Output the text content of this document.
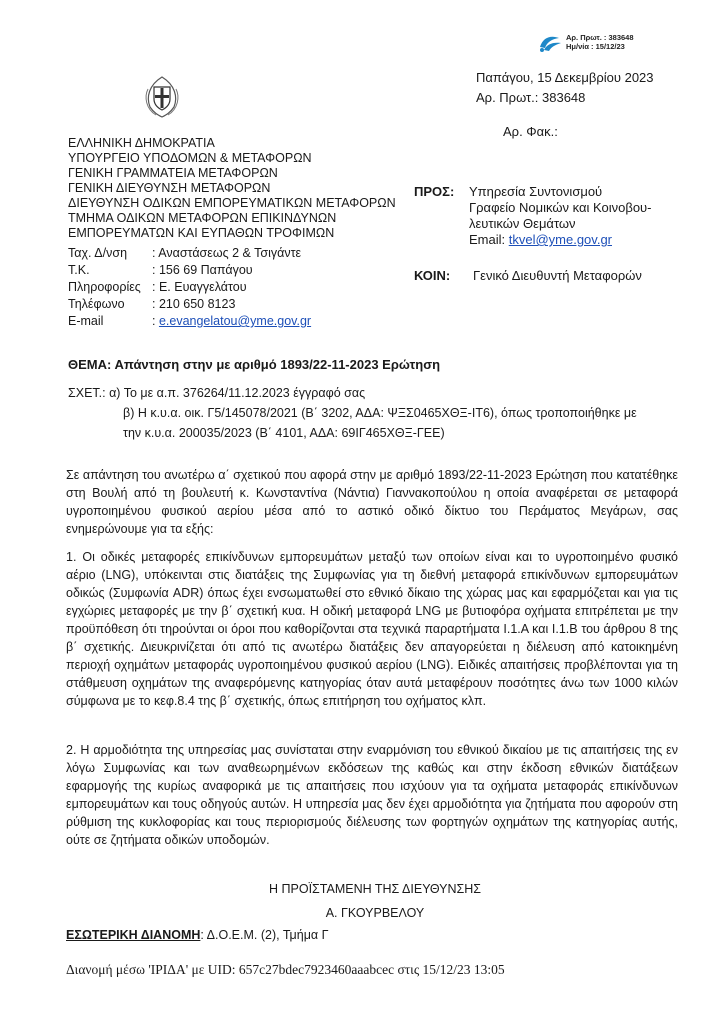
Αρ. Πρωτ. : 383648
Ημ/νία : 15/12/23
Παπάγου, 15 Δεκεμβρίου 2023
Αρ. Πρωτ.: 383648
Αρ. Φακ.:
ΕΛΛΗΝΙΚΗ ΔΗΜΟΚΡΑΤΙΑ
ΥΠΟΥΡΓΕΙΟ ΥΠΟΔΟΜΩΝ & ΜΕΤΑΦΟΡΩΝ
ΓΕΝΙΚΗ ΓΡΑΜΜΑΤΕΙΑ ΜΕΤΑΦΟΡΩΝ
ΓΕΝΙΚΗ ΔΙΕΥΘΥΝΣΗ ΜΕΤΑΦΟΡΩΝ
ΔΙΕΥΘΥΝΣΗ ΟΔΙΚΩΝ ΕΜΠΟΡΕΥΜΑΤΙΚΩΝ ΜΕΤΑΦΟΡΩΝ
ΤΜΗΜΑ ΟΔΙΚΩΝ ΜΕΤΑΦΟΡΩΝ ΕΠΙΚΙΝΔΥΝΩΝ
ΕΜΠΟΡΕΥΜΑΤΩΝ ΚΑΙ ΕΥΠΑΘΩΝ ΤΡΟΦΙΜΩΝ
Ταχ. Δ/νση : Αναστάσεως 2 & Τσιγάντε
Τ.Κ.	: 156 69 Παπάγου
Πληροφορίες : Ε. Ευαγγελάτου
Τηλέφωνο : 210 650 8123
E-mail	: e.evangelatou@yme.gov.gr
ΠΡΟΣ: Υπηρεσία Συντονισμού
Γραφείο Νομικών και Κοινοβου-
λευτικών Θεμάτων
Email: tkvel@yme.gov.gr
ΚΟΙΝ: Γενικό Διευθυντή Μεταφορών
ΘΕΜΑ: Απάντηση στην με αριθμό 1893/22-11-2023 Ερώτηση
ΣΧΕΤ.: α) Το με α.π. 376264/11.12.2023 έγγραφό σας
β) Η κ.υ.α. οικ. Γ5/145078/2021 (Β΄ 3202, ΑΔΑ: ΨΞΣ0465ΧΘΞ-ΙΤ6), όπως τροποποιήθηκε με
την κ.υ.α. 200035/2023 (Β΄ 4101, ΑΔΑ: 69ΙΓ465ΧΘΞ-ΓΕΕ)
Σε απάντηση του ανωτέρω α΄ σχετικού που αφορά στην με αριθμό 1893/22-11-2023 Ερώτηση που κατατέθηκε στη Βουλή από τη βουλευτή κ. Κωνσταντίνα (Νάντια) Γιαννακοπούλου η οποία αναφέρεται σε μεταφορά υγροποιημένου φυσικού αερίου μέσα από το αστικό οδικό δίκτυο του Περάματος Μεγάρων, σας ενημερώνουμε για τα εξής:
1. Οι οδικές μεταφορές επικίνδυνων εμπορευμάτων μεταξύ των οποίων είναι και το υγροποιημένο φυσικό αέριο (LNG), υπόκεινται στις διατάξεις της Συμφωνίας για τη διεθνή μεταφορά επικίνδυνων εμπορευμάτων οδικώς (Συμφωνία ADR) όπως έχει ενσωματωθεί στο εθνικό δίκαιο της χώρας μας και εφαρμόζεται και για τις εγχώριες μεταφορές με την β΄ σχετική κυα. Η οδική μεταφορά LNG με βυτιοφόρα οχήματα επιτρέπεται με την προϋπόθεση ότι τηρούνται οι όροι που καθορίζονται στα τεχνικά παραρτήματα Ι.1.Α και Ι.1.Β του άρθρου 8 της β΄ σχετικής. Διευκρινίζεται ότι από τις ανωτέρω διατάξεις δεν απαγορεύεται η διέλευση από κατοικημένη περιοχή οχημάτων μεταφοράς υγροποιημένου φυσικού αερίου (LNG). Ειδικές απαιτήσεις προβλέπονται για τη στάθμευση οχημάτων της αναφερόμενης κατηγορίας όταν αυτά μεταφέρουν ποσότητες άνω των 1000 κιλών σύμφωνα με το κεφ.8.4 της β΄ σχετικής, όπως επιτήρηση του οχήματος κλπ.
2. Η αρμοδιότητα της υπηρεσίας μας συνίσταται στην εναρμόνιση του εθνικού δικαίου με τις απαιτήσεις της εν λόγω Συμφωνίας και των αναθεωρημένων εκδόσεων της καθώς και στην έκδοση εθνικών διατάξεων εφαρμογής της κυρίως αναφορικά με τις απαιτήσεις που ισχύουν για τα οχήματα μεταφοράς επικίνδυνων εμπορευμάτων και τους οδηγούς αυτών. Η υπηρεσία μας δεν έχει αρμοδιότητα για ζητήματα που αφορούν στη ρύθμιση της κυκλοφορίας και τους περιορισμούς διέλευσης των φορτηγών οχημάτων της κατηγορίας αυτής, ούτε σε ζητήματα οδικών υποδομών.
Η ΠΡΟΪΣΤΑΜΕΝΗ ΤΗΣ ΔΙΕΥΘΥΝΣΗΣ
Α. ΓΚΟΥΡΒΕΛΟΥ
ΕΣΩΤΕΡΙΚΗ ΔΙΑΝΟΜΗ: Δ.Ο.Ε.Μ. (2), Τμήμα Γ
Διανομή μέσω 'ΙΡΙΔΑ' με UID: 657c27bdec7923460aaabcec στις 15/12/23 13:05
